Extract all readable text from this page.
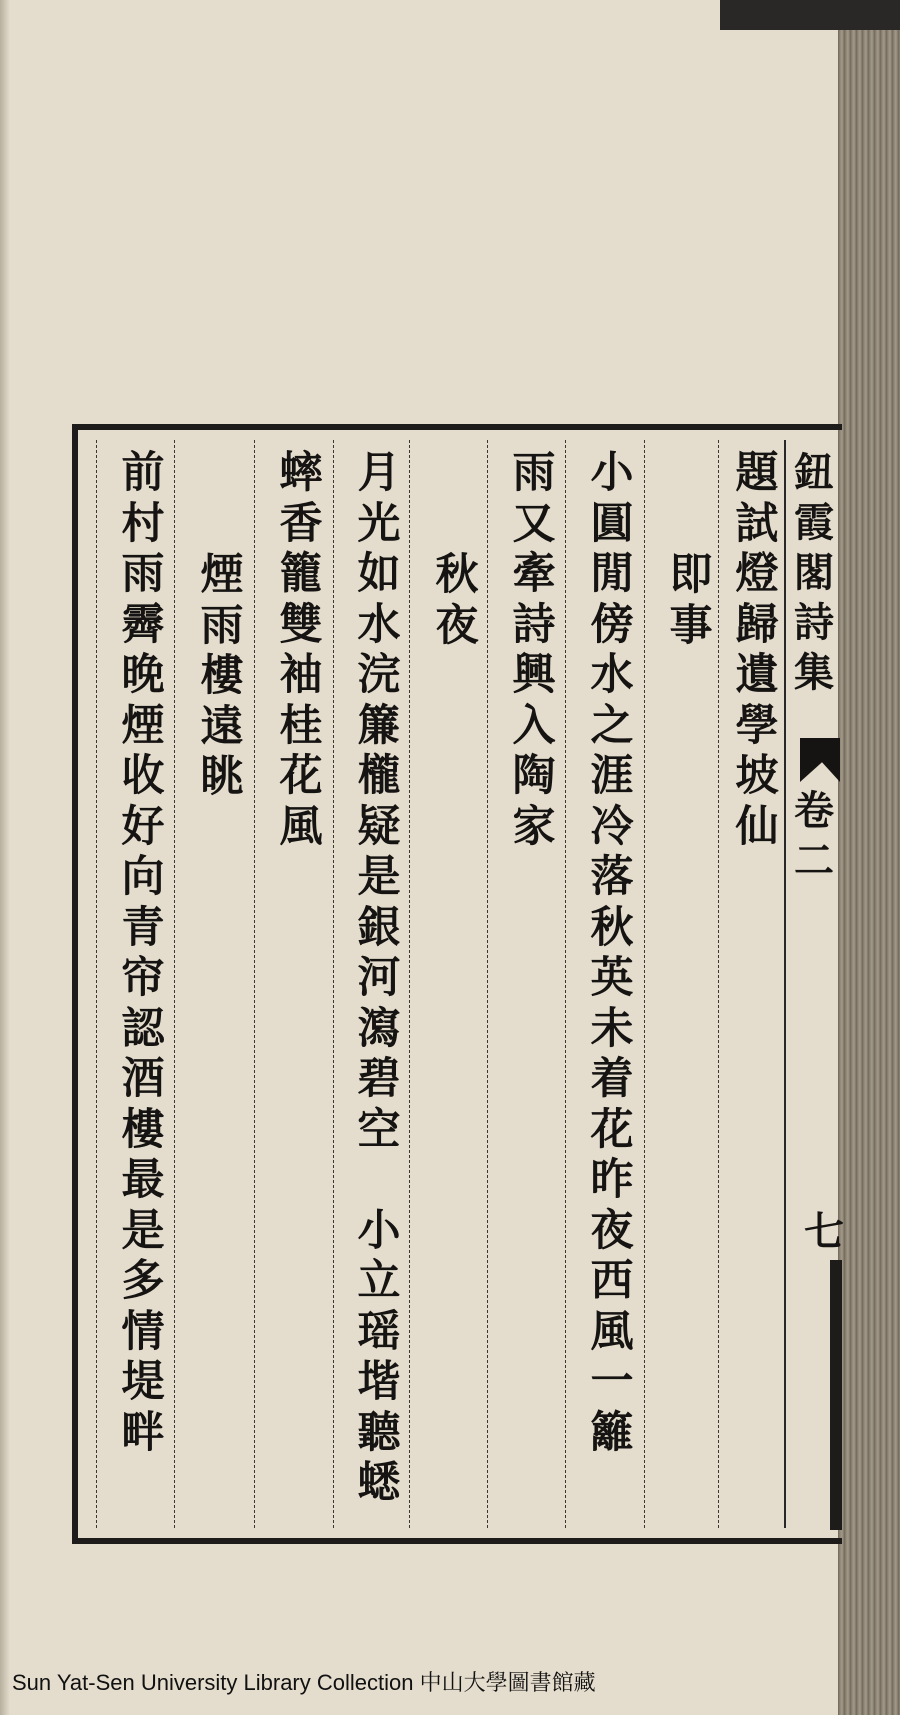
鈕
霞
閣
詩
集
卷
二
七
題
試
燈
歸
遺
學
坡
仙
即
事
小
圓
閒
傍
水
之
涯
冷
落
秋
英
未
着
花
昨
夜
西
風
一
籬
雨
又
牽
詩
興
入
陶
家
秋
夜
月
光
如
水
浣
簾
櫳
疑
是
銀
河
瀉
碧
空
小
立
瑶
堦
聽
蟋
蟀
香
籠
雙
袖
桂
花
風
煙
雨
樓
遠
眺
前
村
雨
霽
晚
煙
收
好
向
青
帘
認
酒
樓
最
是
多
情
堤
畔
Sun Yat-Sen University Library Collection 中山大學圖書館藏
